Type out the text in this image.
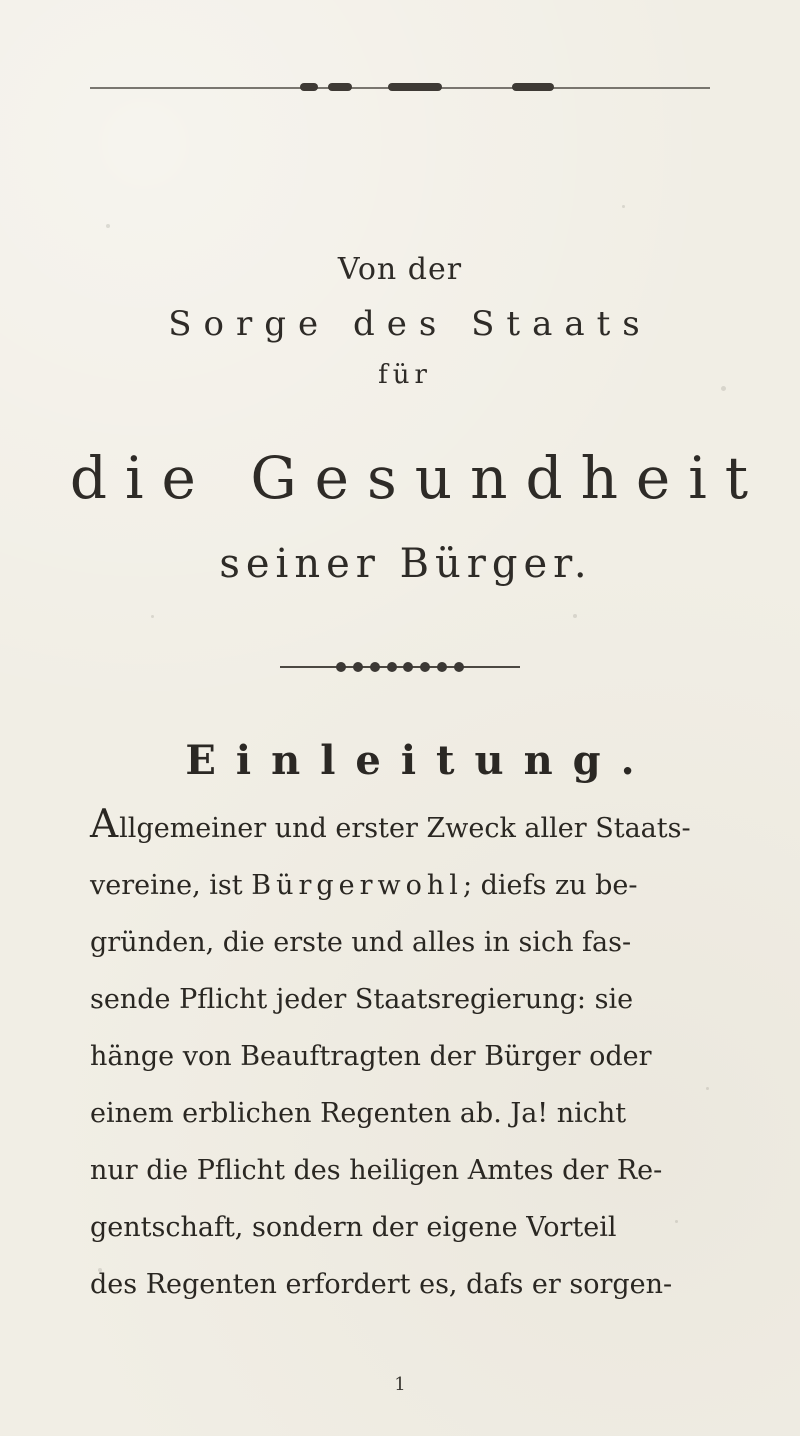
Von der
Sorge des Staats
für
die Gesundheit
seiner Bürger.
Einleitung.
Allgemeiner und erster Zweck aller Staats-
vereine, ist Bürgerwohl; diefs zu be-
gründen, die erste und alles in sich fas-
sende Pflicht jeder Staatsregierung: sie
hänge von Beauftragten der Bürger oder
einem erblichen Regenten ab. Ja! nicht
nur die Pflicht des heiligen Amtes der Re-
gentschaft, sondern der eigene Vorteil
des Regenten erfordert es, dafs er sorgen-
1
